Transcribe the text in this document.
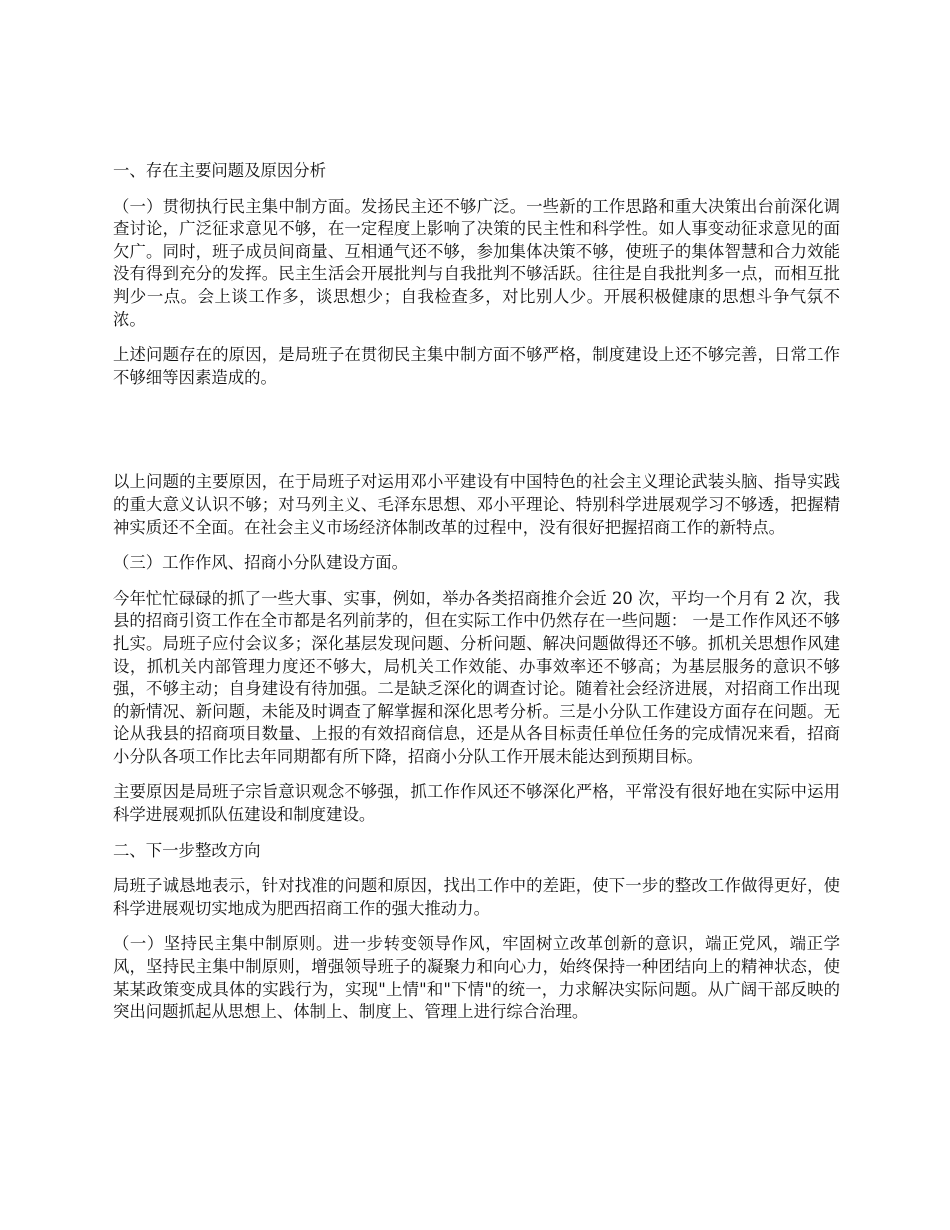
一、存在主要问题及原因分析

（一）贯彻执行民主集中制方面。发扬民主还不够广泛。一些新的工作思路和重大决策出台前深化调查讨论，广泛征求意见不够，在一定程度上影响了决策的民主性和科学性。如人事变动征求意见的面欠广。同时，班子成员间商量、互相通气还不够，参加集体决策不够，使班子的集体智慧和合力效能没有得到充分的发挥。民主生活会开展批判与自我批判不够活跃。往往是自我批判多一点，而相互批判少一点。会上谈工作多，谈思想少；自我检查多，对比别人少。开展积极健康的思想斗争气氛不浓。

上述问题存在的原因，是局班子在贯彻民主集中制方面不够严格，制度建设上还不够完善，日常工作不够细等因素造成的。

以上问题的主要原因，在于局班子对运用邓小平建设有中国特色的社会主义理论武装头脑、指导实践的重大意义认识不够；对马列主义、毛泽东思想、邓小平理论、特别科学进展观学习不够透，把握精神实质还不全面。在社会主义市场经济体制改革的过程中，没有很好把握招商工作的新特点。

（三）工作作风、招商小分队建设方面。

今年忙忙碌碌的抓了一些大事、实事，例如，举办各类招商推介会近 20 次，平均一个月有 2 次，我县的招商引资工作在全市都是名列前茅的，但在实际工作中仍然存在一些问题： 一是工作作风还不够扎实。局班子应付会议多；深化基层发现问题、分析问题、解决问题做得还不够。抓机关思想作风建设，抓机关内部管理力度还不够大，局机关工作效能、办事效率还不够高；为基层服务的意识不够强，不够主动；自身建设有待加强。二是缺乏深化的调查讨论。随着社会经济进展，对招商工作出现的新情况、新问题，未能及时调查了解掌握和深化思考分析。三是小分队工作建设方面存在问题。无论从我县的招商项目数量、上报的有效招商信息，还是从各目标责任单位任务的完成情况来看，招商小分队各项工作比去年同期都有所下降，招商小分队工作开展未能达到预期目标。

主要原因是局班子宗旨意识观念不够强，抓工作作风还不够深化严格，平常没有很好地在实际中运用科学进展观抓队伍建设和制度建设。

二、下一步整改方向

局班子诚恳地表示，针对找准的问题和原因，找出工作中的差距，使下一步的整改工作做得更好，使科学进展观切实地成为肥西招商工作的强大推动力。

（一）坚持民主集中制原则。进一步转变领导作风，牢固树立改革创新的意识，端正党风，端正学风，坚持民主集中制原则，增强领导班子的凝聚力和向心力，始终保持一种团结向上的精神状态，使某某政策变成具体的实践行为，实现"上情"和"下情"的统一，力求解决实际问题。从广阔干部反映的突出问题抓起从思想上、体制上、制度上、管理上进行综合治理。
